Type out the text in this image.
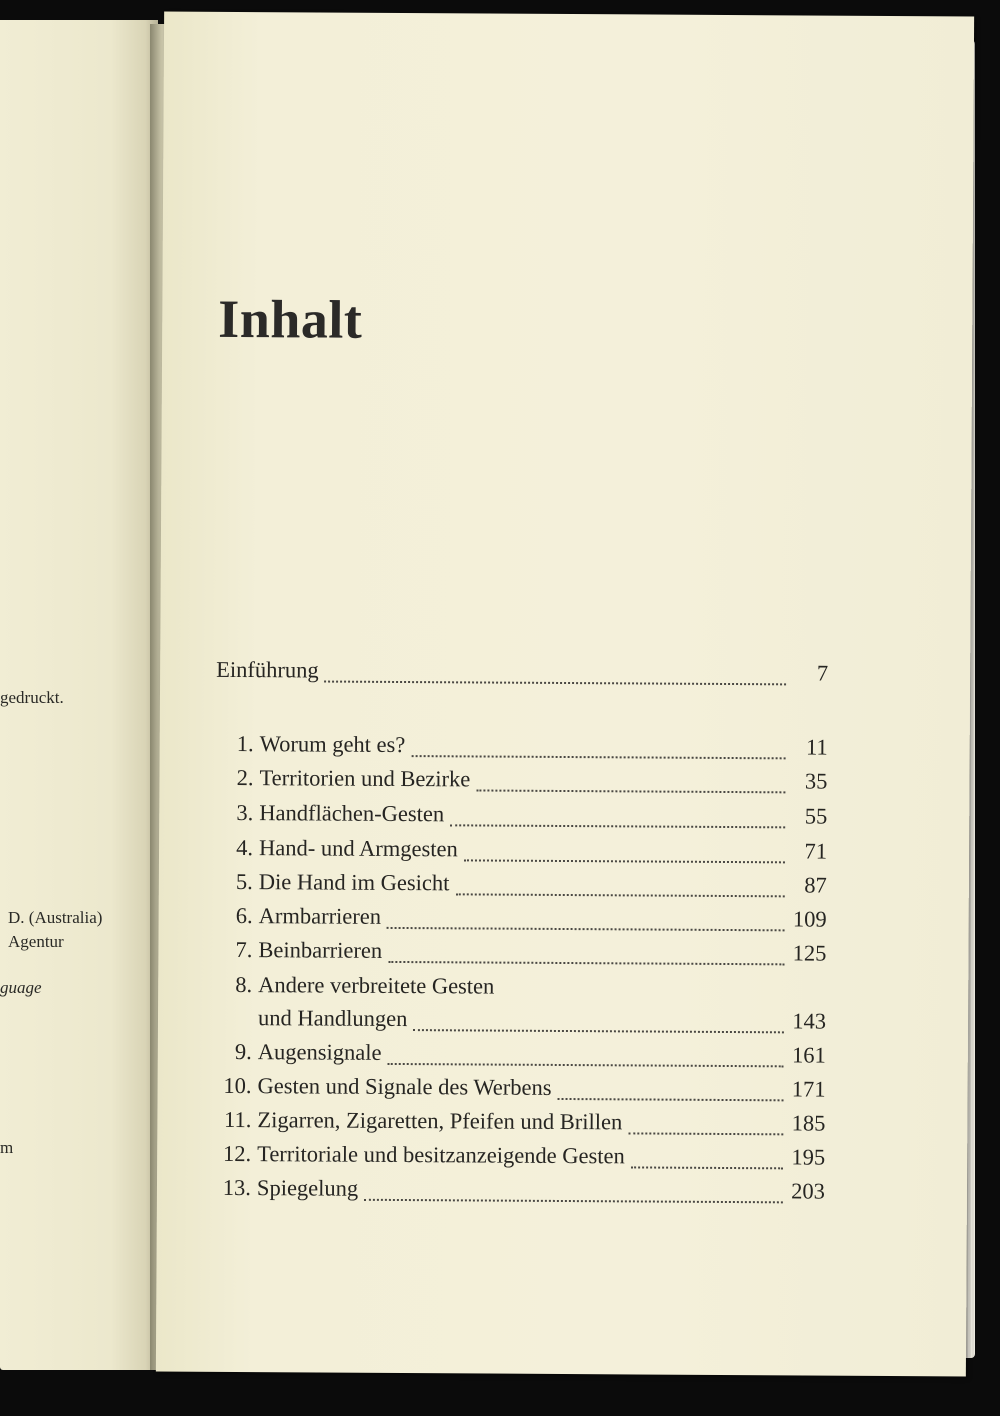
gedruckt.
D. (Australia)
Agentur
guage
m
Inhalt
Einführung	7
1. Worum geht es?	11
2. Territorien und Bezirke	35
3. Handflächen-Gesten	55
4. Hand- und Armgesten	71
5. Die Hand im Gesicht	87
6. Armbarrieren	109
7. Beinbarrieren	125
8. Andere verbreitete Gesten
und Handlungen	143
9. Augensignale	161
10. Gesten und Signale des Werbens	171
11. Zigarren, Zigaretten, Pfeifen und Brillen	185
12. Territoriale und besitzanzeigende Gesten	195
13. Spiegelung	203
